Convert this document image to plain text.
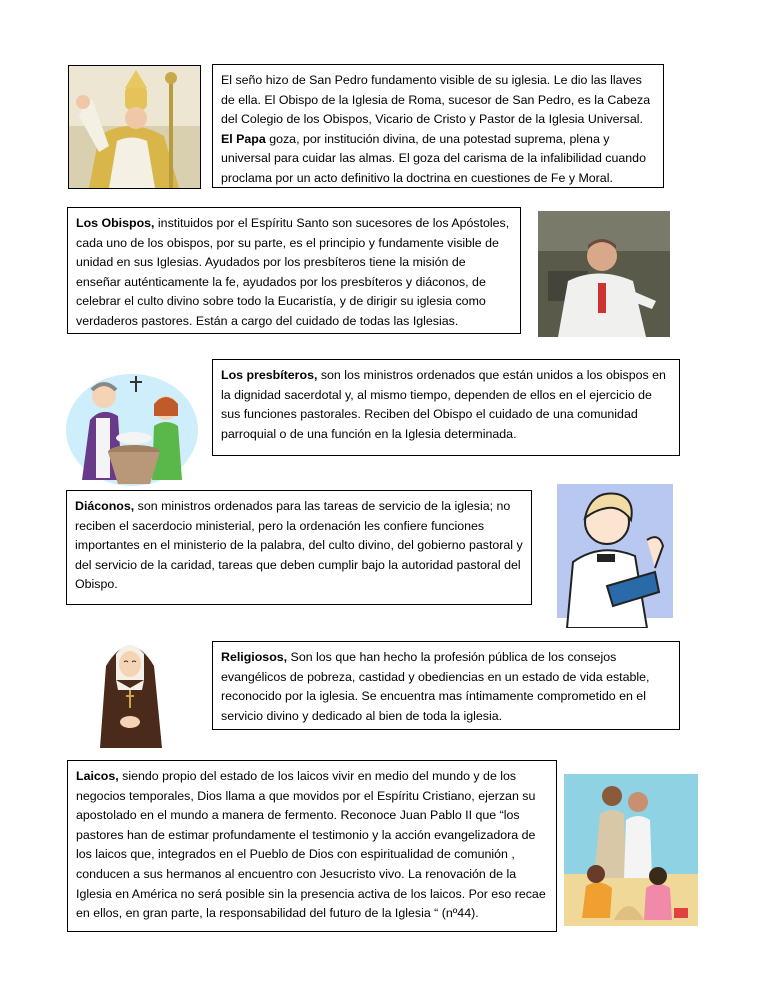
El seño hizo de San Pedro fundamento visible de su iglesia. Le dio las llaves de ella. El Obispo de la Iglesia de Roma, sucesor de San Pedro, es la Cabeza del Colegio de los Obispos, Vicario de Cristo y Pastor de la Iglesia Universal.
El Papa goza, por institución divina, de una potestad suprema, plena y universal para cuidar las almas. El goza del carisma de la infalibilidad cuando proclama por un acto definitivo la doctrina en cuestiones de Fe y Moral.
Los Obispos, instituidos por el Espíritu Santo son sucesores de los Apóstoles, cada uno de los obispos, por su parte, es el principio y fundamente visible de unidad en sus Iglesias. Ayudados por los presbíteros tiene la misión de enseñar auténticamente la fe, ayudados por los presbíteros y diáconos, de celebrar el culto divino sobre todo la Eucaristía, y de dirigir su iglesia como verdaderos pastores. Están a cargo del cuidado de todas las Iglesias.
Los presbíteros, son los ministros ordenados que están unidos a los obispos en la dignidad sacerdotal y, al mismo tiempo, dependen de ellos en el ejercicio de sus funciones pastorales. Reciben del Obispo el cuidado de una comunidad parroquial o de una función en la Iglesia determinada.
Diáconos, son ministros ordenados para las tareas de servicio de la iglesia; no reciben el sacerdocio ministerial, pero la ordenación les confiere funciones importantes en el ministerio de la palabra, del culto divino, del gobierno pastoral y del servicio de la caridad, tareas que deben cumplir bajo la autoridad pastoral del Obispo.
Religiosos, Son los que han hecho la profesión pública de los consejos evangélicos de pobreza, castidad y obediencias en un estado de vida estable, reconocido por la iglesia. Se encuentra mas íntimamente comprometido en el servicio divino y dedicado al bien de toda la iglesia.
Laicos, siendo propio del estado de los laicos vivir en medio del mundo y de los negocios temporales, Dios llama a que movidos por el Espíritu Cristiano, ejerzan su apostolado en el mundo a manera de fermento. Reconoce Juan Pablo II que “los pastores han de estimar profundamente el testimonio y la acción evangelizadora de los laicos que, integrados en el Pueblo de Dios con espiritualidad de comunión , conducen a sus hermanos al encuentro con Jesucristo vivo. La renovación de la Iglesia en América no será posible sin la presencia activa de los laicos. Por eso recae en ellos, en gran parte, la responsabilidad del futuro de la Iglesia “ (nº44).
